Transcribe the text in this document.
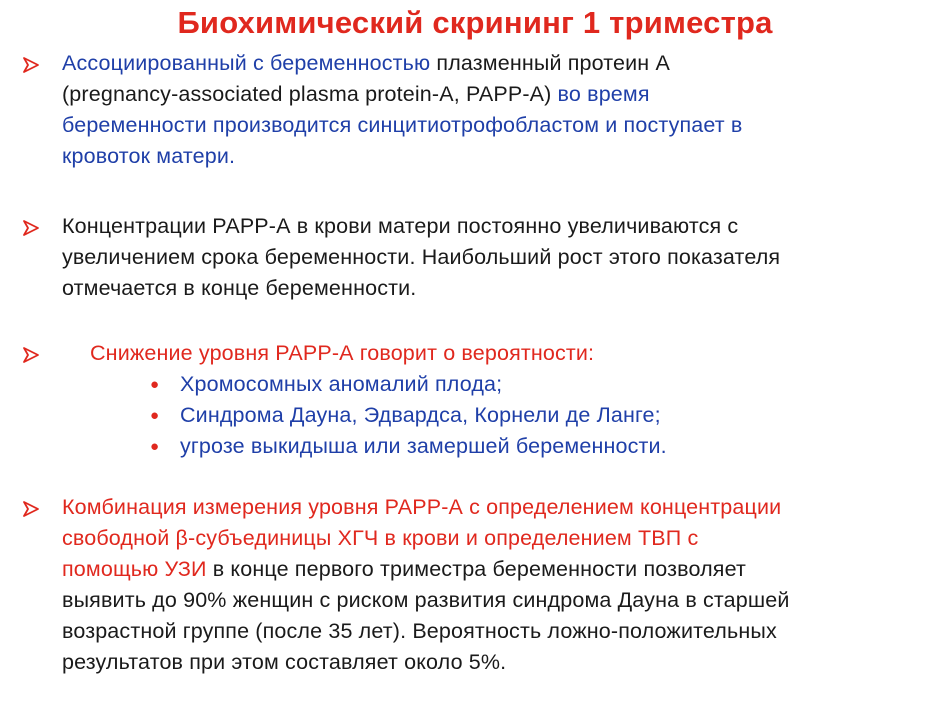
Биохимический скрининг 1 триместра
Ассоциированный с беременностью плазменный протеин А
(pregnancy-associated plasma protein-A, PAPP-A) во время
беременности производится синцитиотрофобластом и поступает в
кровоток матери.
Концентрации РАРР-А в крови матери постоянно увеличиваются с
увеличением срока беременности. Наибольший рост этого показателя
отмечается в конце беременности.
Снижение уровня РАРР-А говорит о вероятности:
● Хромосомных аномалий плода;
● Синдрома Дауна, Эдвардса, Корнели де Ланге;
● угрозе выкидыша или замершей беременности.
Комбинация измерения уровня РАРР-А с определением концентрации
свободной β-субъединицы ХГЧ в крови и определением ТВП с
помощью УЗИ в конце первого триместра беременности позволяет
выявить до 90% женщин с риском развития синдрома Дауна в старшей
возрастной группе (после 35 лет). Вероятность ложно-положительных
результатов при этом составляет около 5%.
